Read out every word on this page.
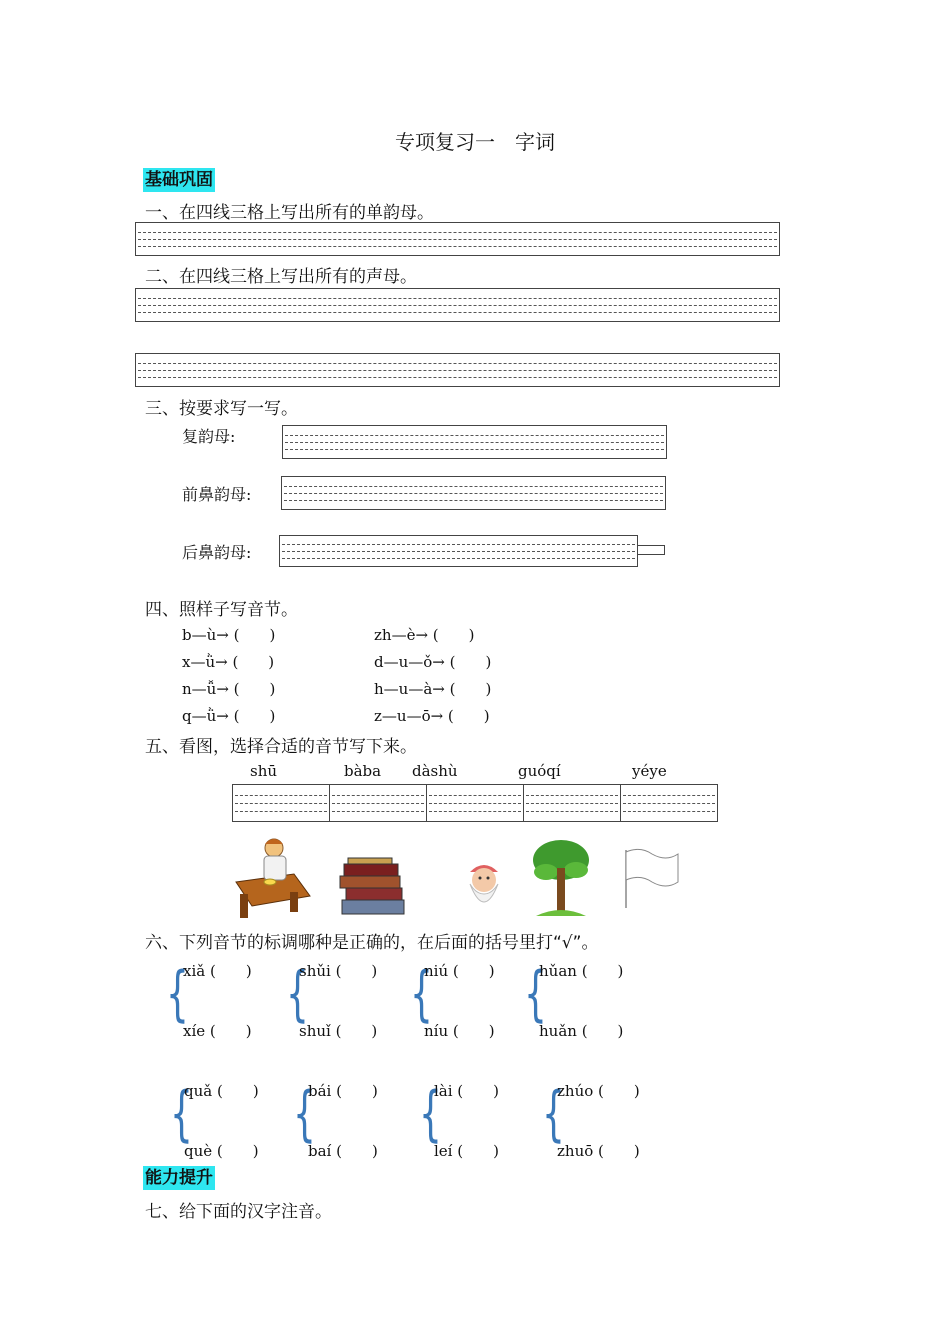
专项复习一　字词
基础巩固
一、在四线三格上写出所有的单韵母。
二、在四线三格上写出所有的声母。
三、按要求写一写。
复韵母:
前鼻韵母:
后鼻韵母:
四、照样子写音节。
b—ù→ (　　)
x—ǜ→ (　　)
n—ǚ→ (　　)
q—ǜ→ (　　)
zh—è→ (　　)
d—u—ǒ→ (　　)
h—u—à→ (　　)
z—u—ō→ (　　)
五、看图，选择合适的音节写下来。
shū	bàba dàshù	guóqí	yéye
六、下列音节的标调哪种是正确的，在后面的括号里打“√”。
{
xiǎ (　　)
xíe (　　)
{
shǔi (　　)
shuǐ (　　)
{
niú (　　)
níu (　　)
{
hǔan (　　)
huǎn (　　)
{
quǎ (　　)
què (　　)
{
bái (　　)
baí (　　)
{
lài (　　)
leí (　　)
{
zhúo (　　)
zhuō (　　)
能力提升
七、给下面的汉字注音。
